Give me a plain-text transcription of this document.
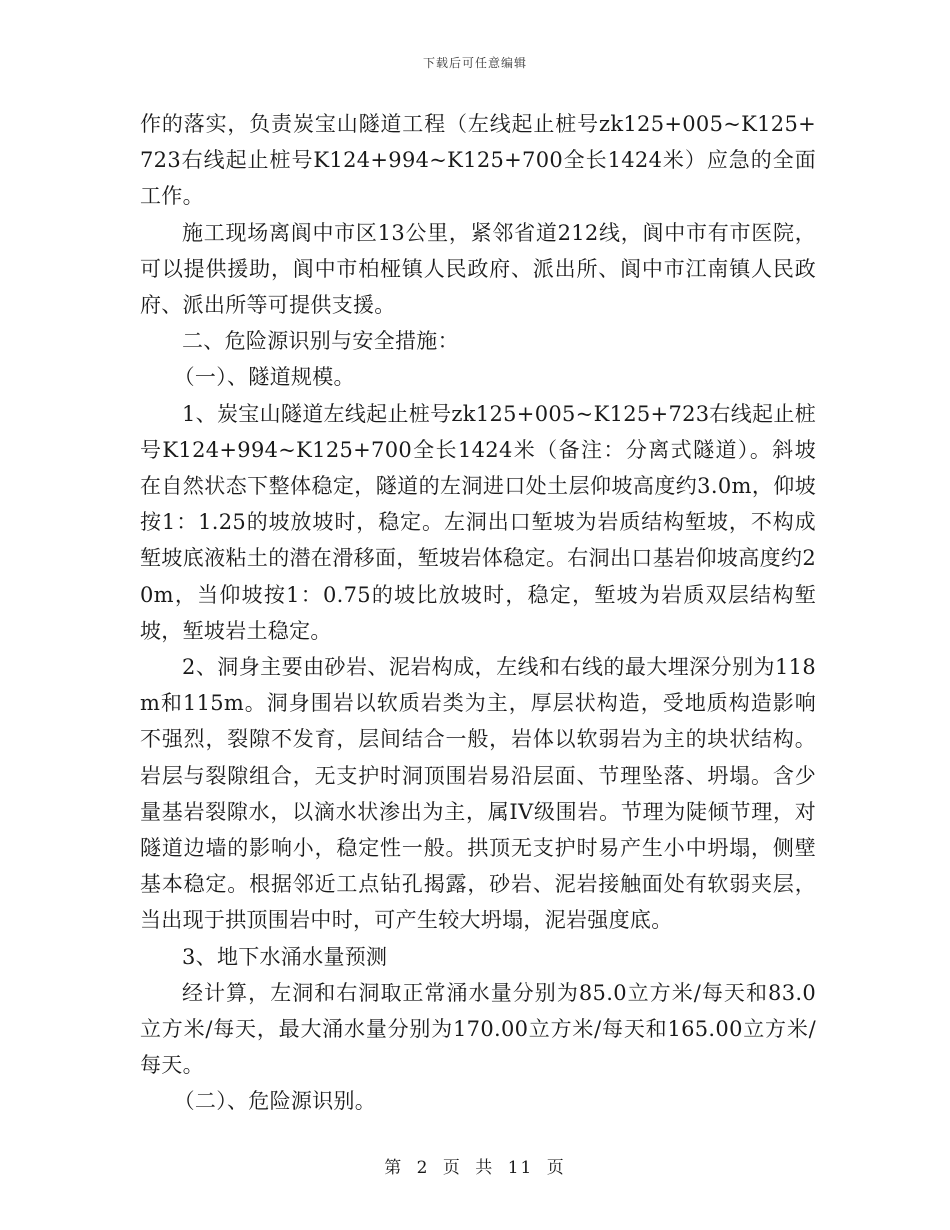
下载后可任意编辑

作的落实，负责炭宝山隧道工程（左线起止桩号zk125+005~K125+723右线起止桩号K124+994~K125+700全长1424米）应急的全面工作。

施工现场离阆中市区13公里，紧邻省道212线，阆中市有市医院，可以提供援助，阆中市柏桠镇人民政府、派出所、阆中市江南镇人民政府、派出所等可提供支援。

二、危险源识别与安全措施：

（一）、隧道规模。

1、炭宝山隧道左线起止桩号zk125+005~K125+723右线起止桩号K124+994~K125+700全长1424米（备注：分离式隧道）。斜坡在自然状态下整体稳定，隧道的左洞进口处土层仰坡高度约3.0m，仰坡按1：1.25的坡放坡时，稳定。左洞出口堑坡为岩质结构堑坡，不构成堑坡底液粘土的潜在滑移面，堑坡岩体稳定。右洞出口基岩仰坡高度约20m，当仰坡按1：0.75的坡比放坡时，稳定，堑坡为岩质双层结构堑坡，堑坡岩土稳定。

2、洞身主要由砂岩、泥岩构成，左线和右线的最大埋深分别为118m和115m。洞身围岩以软质岩类为主，厚层状构造，受地质构造影响不强烈，裂隙不发育，层间结合一般，岩体以软弱岩为主的块状结构。岩层与裂隙组合，无支护时洞顶围岩易沿层面、节理坠落、坍塌。含少量基岩裂隙水，以滴水状渗出为主，属IV级围岩。节理为陡倾节理，对隧道边墙的影响小，稳定性一般。拱顶无支护时易产生小中坍塌，侧壁基本稳定。根据邻近工点钻孔揭露，砂岩、泥岩接触面处有软弱夹层，当出现于拱顶围岩中时，可产生较大坍塌，泥岩强度底。

3、地下水涌水量预测

经计算，左洞和右洞取正常涌水量分别为85.0立方米/每天和83.0立方米/每天，最大涌水量分别为170.00立方米/每天和165.00立方米/每天。

（二）、危险源识别。

第 2 页 共 11 页
